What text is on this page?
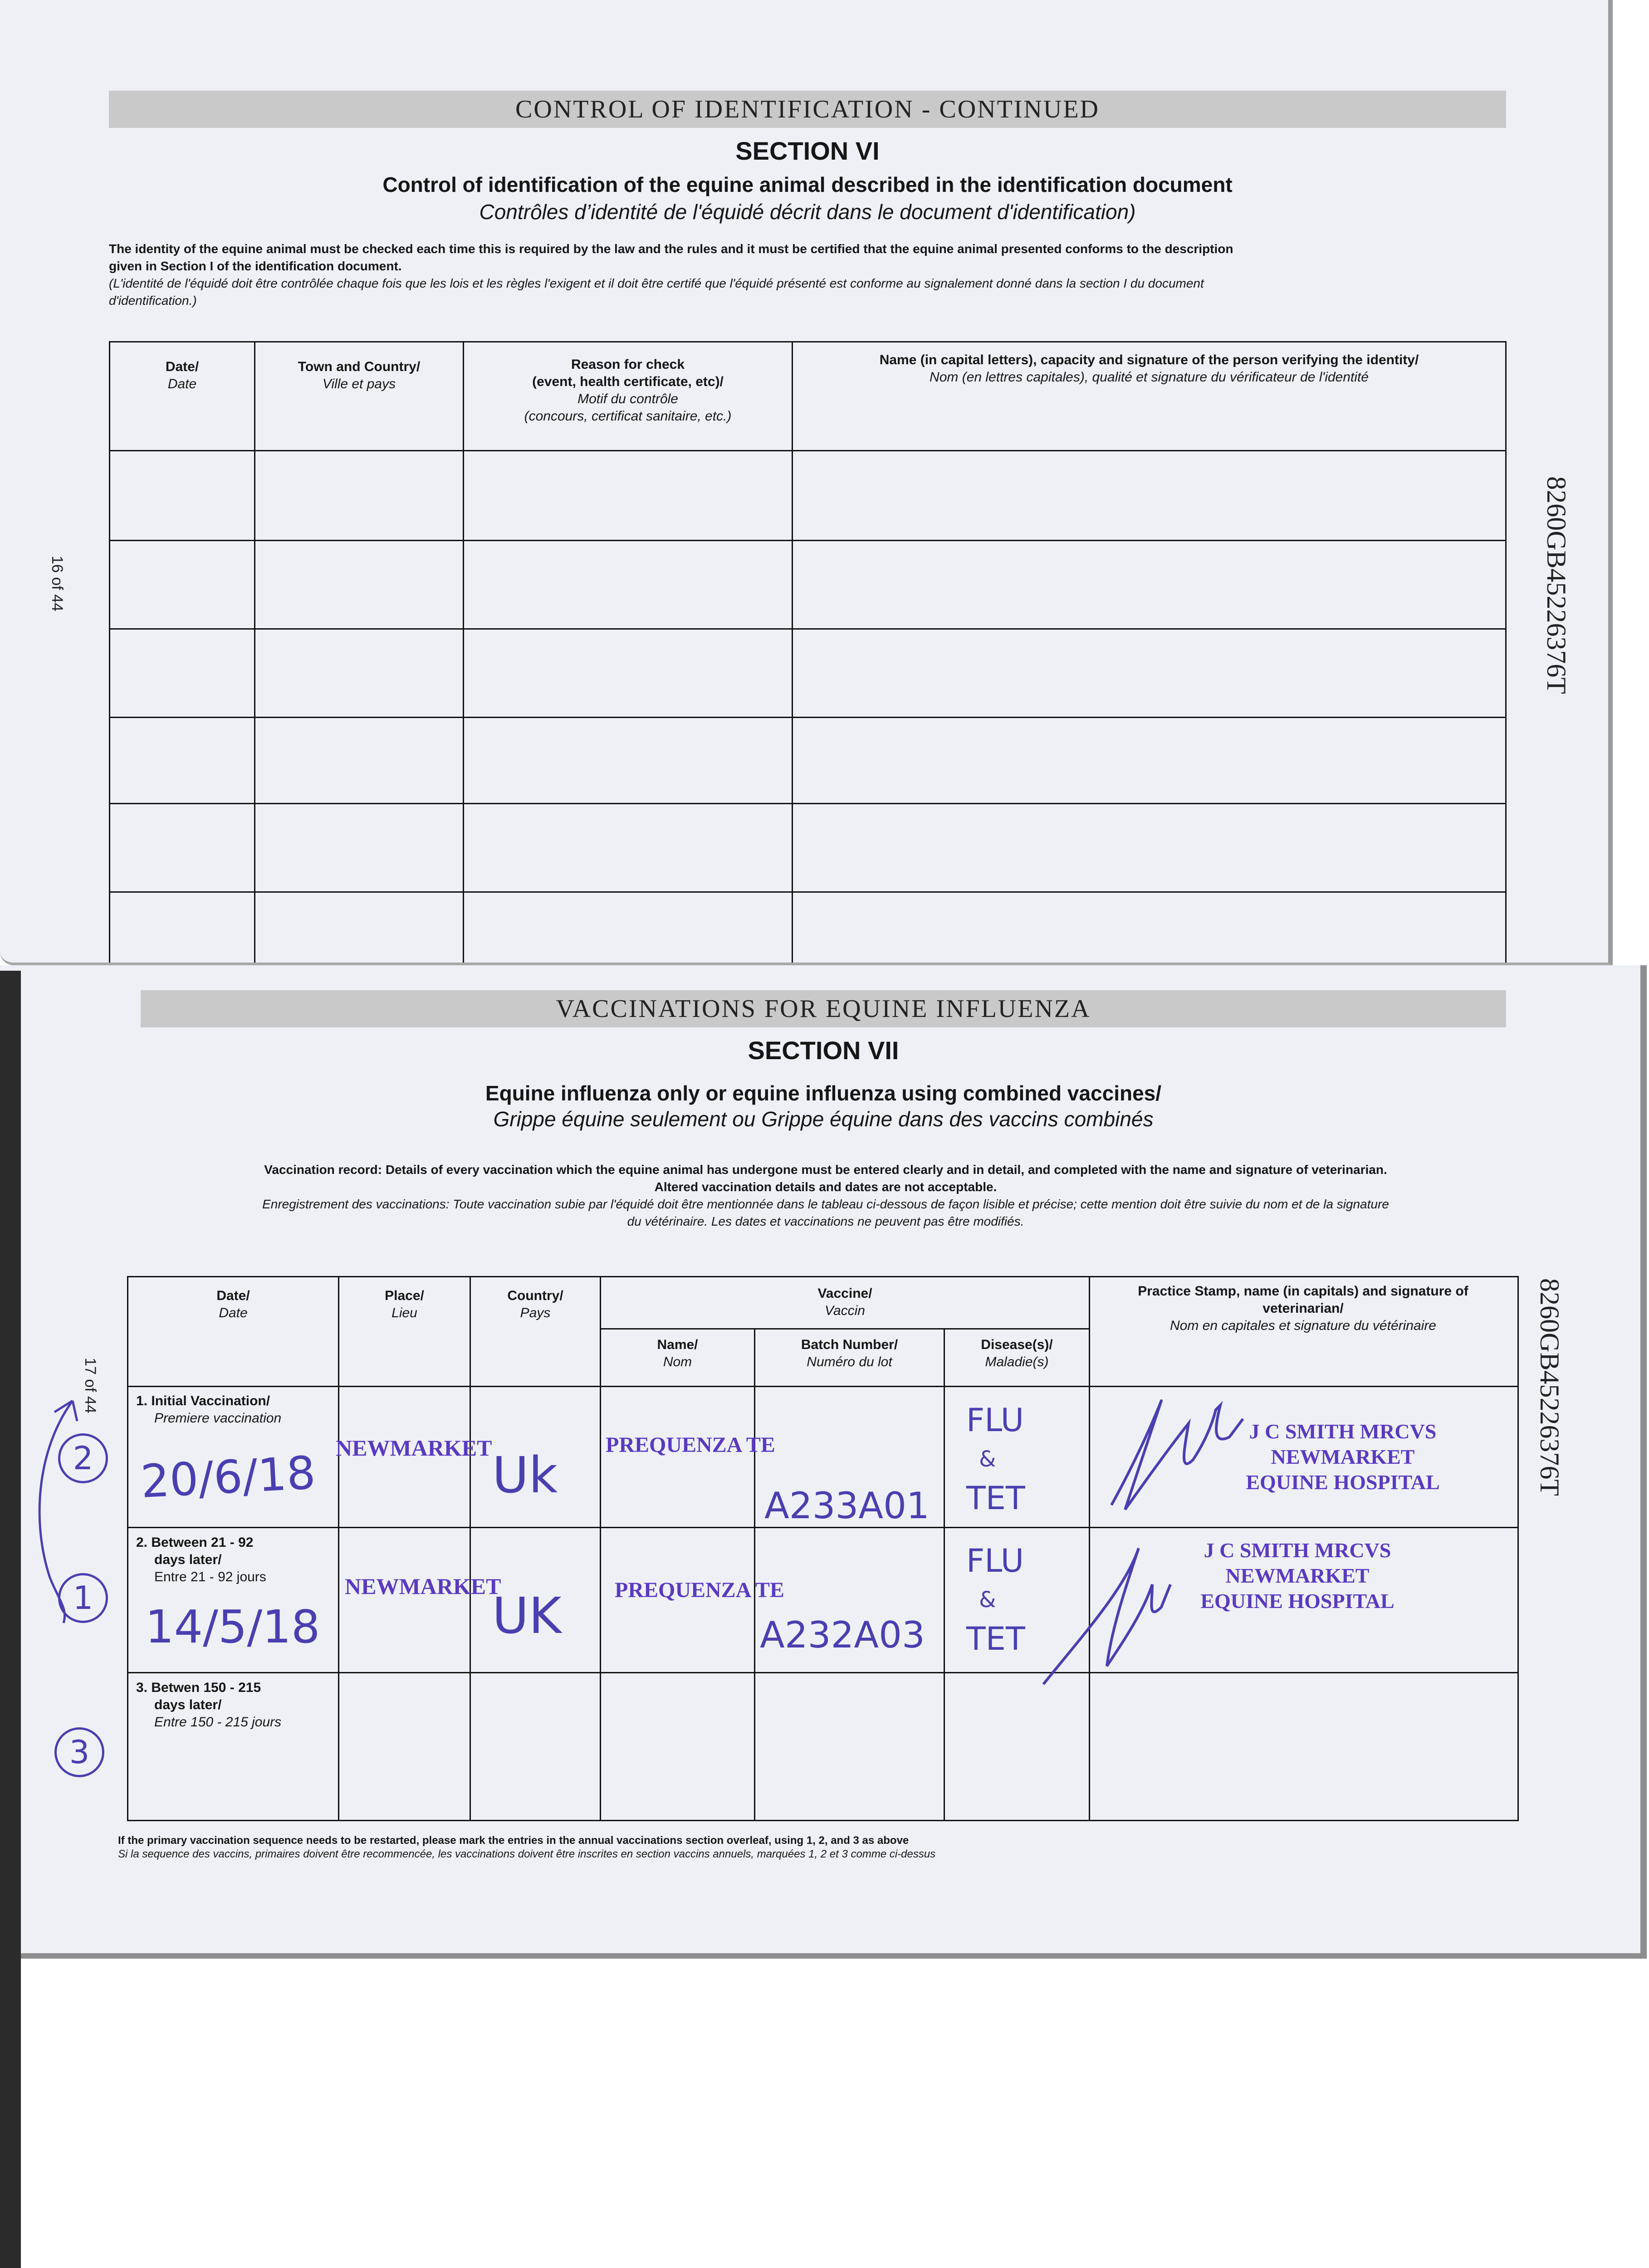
CONTROL OF IDENTIFICATION - CONTINUED
SECTION VI
Control of identification of the equine animal described in the identification document
Contrôles d’identité de l'équidé décrit dans le document d'identification)
The identity of the equine animal must be checked each time this is required by the law and the rules and it must be certified that the equine animal presented conforms to the description
given in Section I of the identification document.
(L'identité de l'équidé doit être contrôlée chaque fois que les lois et les règles l'exigent et il doit être certifé que l'équidé présenté est conforme au signalement donné dans la section I du document
d'identification.)
Date/
Date
Town and Country/
Ville et pays
Reason for check
(event, health certificate, etc)/
Motif du contrôle
(concours, certificat sanitaire, etc.)
Name (in capital letters), capacity and signature of the person verifying the identity/
Nom (en lettres capitales), qualité et signature du vérificateur de l'identité
16 of 44	8260GB45226376T
VACCINATIONS FOR EQUINE INFLUENZA
SECTION VII
Equine influenza only or equine influenza using combined vaccines/
Grippe équine seulement ou Grippe équine dans des vaccins combinés
Vaccination record: Details of every vaccination which the equine animal has undergone must be entered clearly and in detail, and completed with the name and signature of veterinarian.
Altered vaccination details and dates are not acceptable.
Enregistrement des vaccinations: Toute vaccination subie par l'équidé doit être mentionnée dans le tableau ci-dessous de façon lisible et précise; cette mention doit être suivie du nom et de la signature
du vétérinaire. Les dates et vaccinations ne peuvent pas être modifiés.
Date/
Date
Place/
Lieu
Country/
Pays
Vaccine/
Vaccin
Name/
Nom
Batch Number/
Numéro du lot
Disease(s)/
Maladie(s)
Practice Stamp, name (in capitals) and signature of veterinarian/
Nom en capitales et signature du vétérinaire
1. Initial Vaccination/
Premiere vaccination
2. Between 21 - 92
days later/
Entre 21 - 92 jours
3. Betwen 150 - 215
days later/
Entre 150 - 215 jours
20/6/18 NEWMARKET Uk
PREQUENZA TE
A233A01
FLU
&
TET
J C SMITH MRCVS
NEWMARKET
EQUINE HOSPITAL
14/5/18
NEWMARKET
UK PREQUENZA TE
A232A03
FLU
&
TET
J C SMITH MRCVS
NEWMARKET
EQUINE HOSPITAL
2
1
3
If the primary vaccination sequence needs to be restarted, please mark the entries in the annual vaccinations section overleaf, using 1, 2, and 3 as above
Si la sequence des vaccins, primaires doivent être recommencée, les vaccinations doivent être inscrites en section vaccins annuels, marquées 1, 2 et 3 comme ci-dessus
17 of 44	8260GB45226376T
